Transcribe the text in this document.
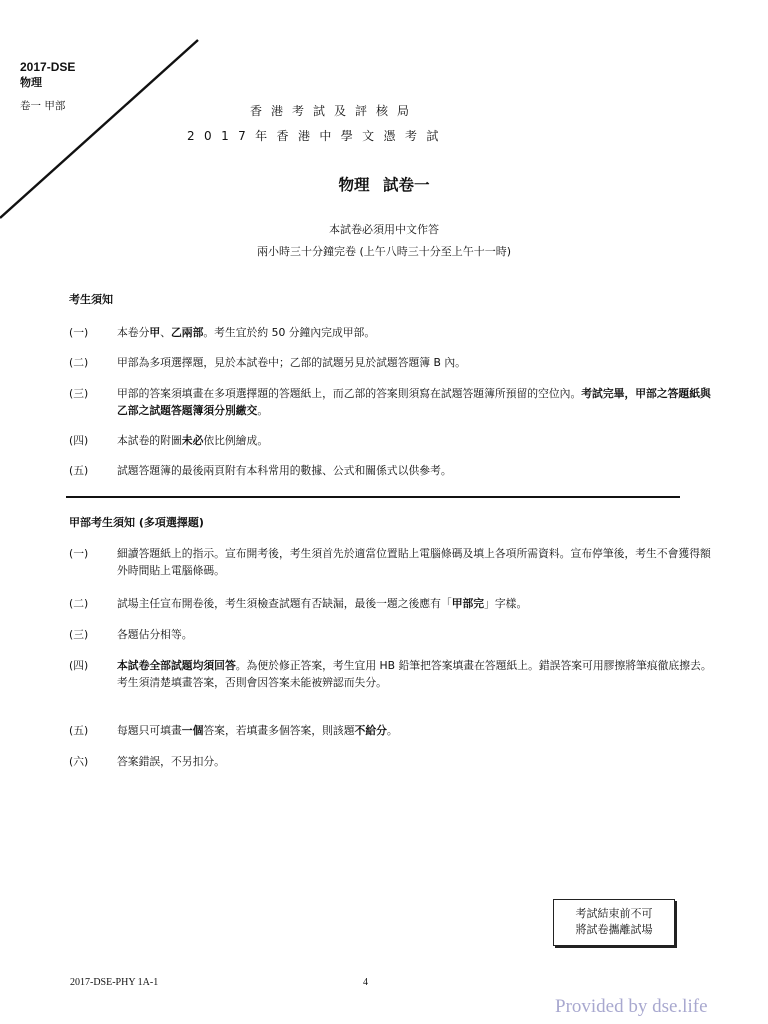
2017-DSE
物理
卷一 甲部	香港考試及評核局
2017年香港中學文憑考試
物理 試卷一
本試卷必須用中文作答
兩小時三十分鐘完卷 (上午八時三十分至上午十一時)
考生須知
(一)	本卷分甲、乙兩部。考生宜於約 50 分鐘內完成甲部。
(二)	甲部為多項選擇題，見於本試卷中；乙部的試題另見於試題答題簿 B 內。
(三)	甲部的答案須填畫在多項選擇題的答題紙上，而乙部的答案則須寫在試題答題簿所預留的空位內。考試完畢，甲部之答題紙與乙部之試題答題簿須分別繳交。
(四)	本試卷的附圖未必依比例繪成。
(五)	試題答題簿的最後兩頁附有本科常用的數據、公式和關係式以供參考。
甲部考生須知 (多項選擇題)
(一)	細讀答題紙上的指示。宣布開考後，考生須首先於適當位置貼上電腦條碼及填上各項所需資料。宣布停筆後，考生不會獲得額外時間貼上電腦條碼。
(二)	試場主任宣布開卷後，考生須檢查試題有否缺漏，最後一題之後應有「甲部完」字樣。
(三)	各題佔分相等。
(四)	本試卷全部試題均須回答。為便於修正答案，考生宜用 HB 鉛筆把答案填畫在答題紙上。錯誤答案可用膠擦將筆痕徹底擦去。考生須清楚填畫答案，否則會因答案未能被辨認而失分。
(五)	每題只可填畫一個答案，若填畫多個答案，則該題不給分。
(六)	答案錯誤，不另扣分。
考試結束前不可
將試卷攜離試場
2017-DSE-PHY 1A-1	4
Provided by dse.life
